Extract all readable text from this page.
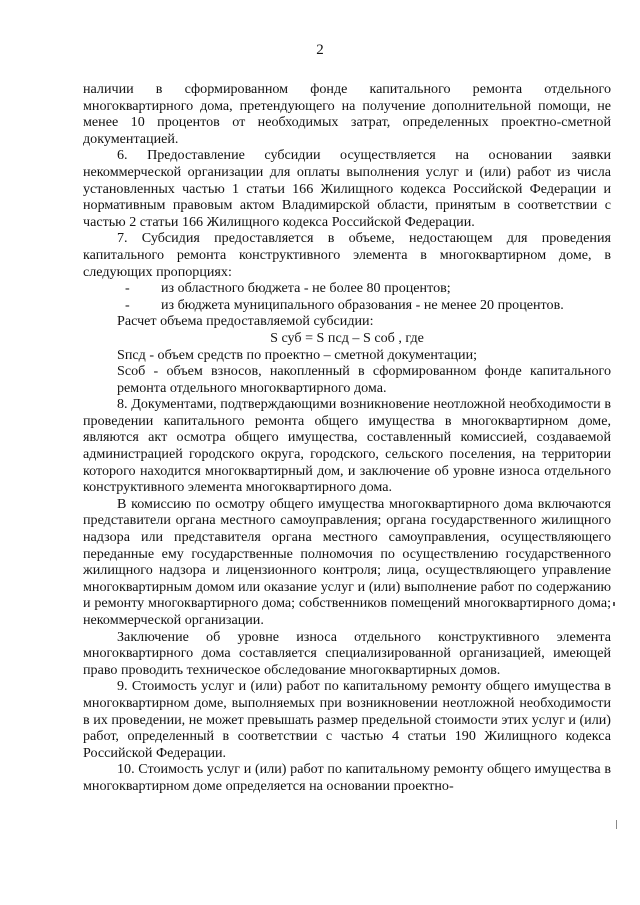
2

наличии в сформированном фонде капитального ремонта отдельного многоквартирного дома, претендующего на получение дополнительной помощи, не менее 10 процентов от необходимых затрат, определенных проектно-сметной документацией.

6. Предоставление субсидии осуществляется на основании заявки некоммерческой организации для оплаты выполнения услуг и (или) работ из числа установленных частью 1 статьи 166 Жилищного кодекса Российской Федерации и нормативным правовым актом Владимирской области, принятым в соответствии с частью 2 статьи 166 Жилищного кодекса Российской Федерации.

7. Субсидия предоставляется в объеме, недостающем для проведения капитального ремонта конструктивного элемента в многоквартирном доме, в следующих пропорциях:

- из областного бюджета - не более 80 процентов;

- из бюджета муниципального образования - не менее 20 процентов.

Расчет объема предоставляемой субсидии:

S суб = S псд – S соб , где

Sпсд - объем средств по проектно – сметной документации;

Sсоб - объем взносов, накопленный в сформированном фонде капитального ремонта отдельного многоквартирного дома.

8. Документами, подтверждающими возникновение неотложной необходимости в проведении капитального ремонта общего имущества в многоквартирном доме, являются акт осмотра общего имущества, составленный комиссией, создаваемой администрацией городского округа, городского, сельского поселения, на территории которого находится многоквартирный дом, и заключение об уровне износа отдельного конструктивного элемента многоквартирного дома.

В комиссию по осмотру общего имущества многоквартирного дома включаются представители органа местного самоуправления; органа государственного жилищного надзора или представителя органа местного самоуправления, осуществляющего переданные ему государственные полномочия по осуществлению государственного жилищного надзора и лицензионного контроля; лица, осуществляющего управление многоквартирным домом или оказание услуг и (или) выполнение работ по содержанию и ремонту многоквартирного дома; собственников помещений многоквартирного дома; некоммерческой организации.

Заключение об уровне износа отдельного конструктивного элемента многоквартирного дома составляется специализированной организацией, имеющей право проводить техническое обследование многоквартирных домов.

9. Стоимость услуг и (или) работ по капитальному ремонту общего имущества в многоквартирном доме, выполняемых при возникновении неотложной необходимости в их проведении, не может превышать размер предельной стоимости этих услуг и (или) работ, определенный в соответствии с частью 4 статьи 190 Жилищного кодекса Российской Федерации.

10. Стоимость услуг и (или) работ по капитальному ремонту общего имущества в многоквартирном доме определяется на основании проектно-
